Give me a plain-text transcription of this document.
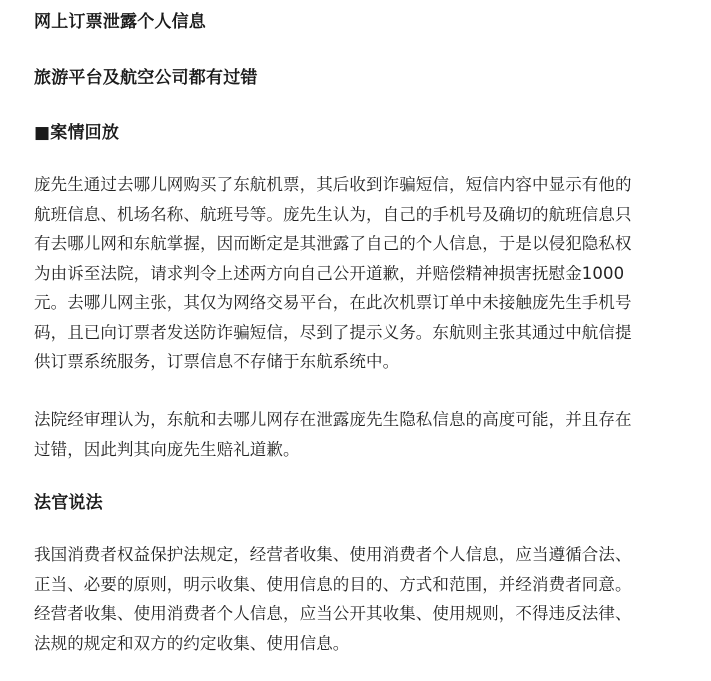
网上订票泄露个人信息
旅游平台及航空公司都有过错
■案情回放
庞先生通过去哪儿网购买了东航机票，其后收到诈骗短信，短信内容中显示有他的
航班信息、机场名称、航班号等。庞先生认为，自己的手机号及确切的航班信息只
有去哪儿网和东航掌握，因而断定是其泄露了自己的个人信息，于是以侵犯隐私权
为由诉至法院，请求判令上述两方向自己公开道歉，并赔偿精神损害抚慰金1000
元。去哪儿网主张，其仅为网络交易平台，在此次机票订单中未接触庞先生手机号
码，且已向订票者发送防诈骗短信，尽到了提示义务。东航则主张其通过中航信提
供订票系统服务，订票信息不存储于东航系统中。
法院经审理认为，东航和去哪儿网存在泄露庞先生隐私信息的高度可能，并且存在
过错，因此判其向庞先生赔礼道歉。
法官说法
我国消费者权益保护法规定，经营者收集、使用消费者个人信息，应当遵循合法、
正当、必要的原则，明示收集、使用信息的目的、方式和范围，并经消费者同意。
经营者收集、使用消费者个人信息，应当公开其收集、使用规则，不得违反法律、
法规的规定和双方的约定收集、使用信息。
